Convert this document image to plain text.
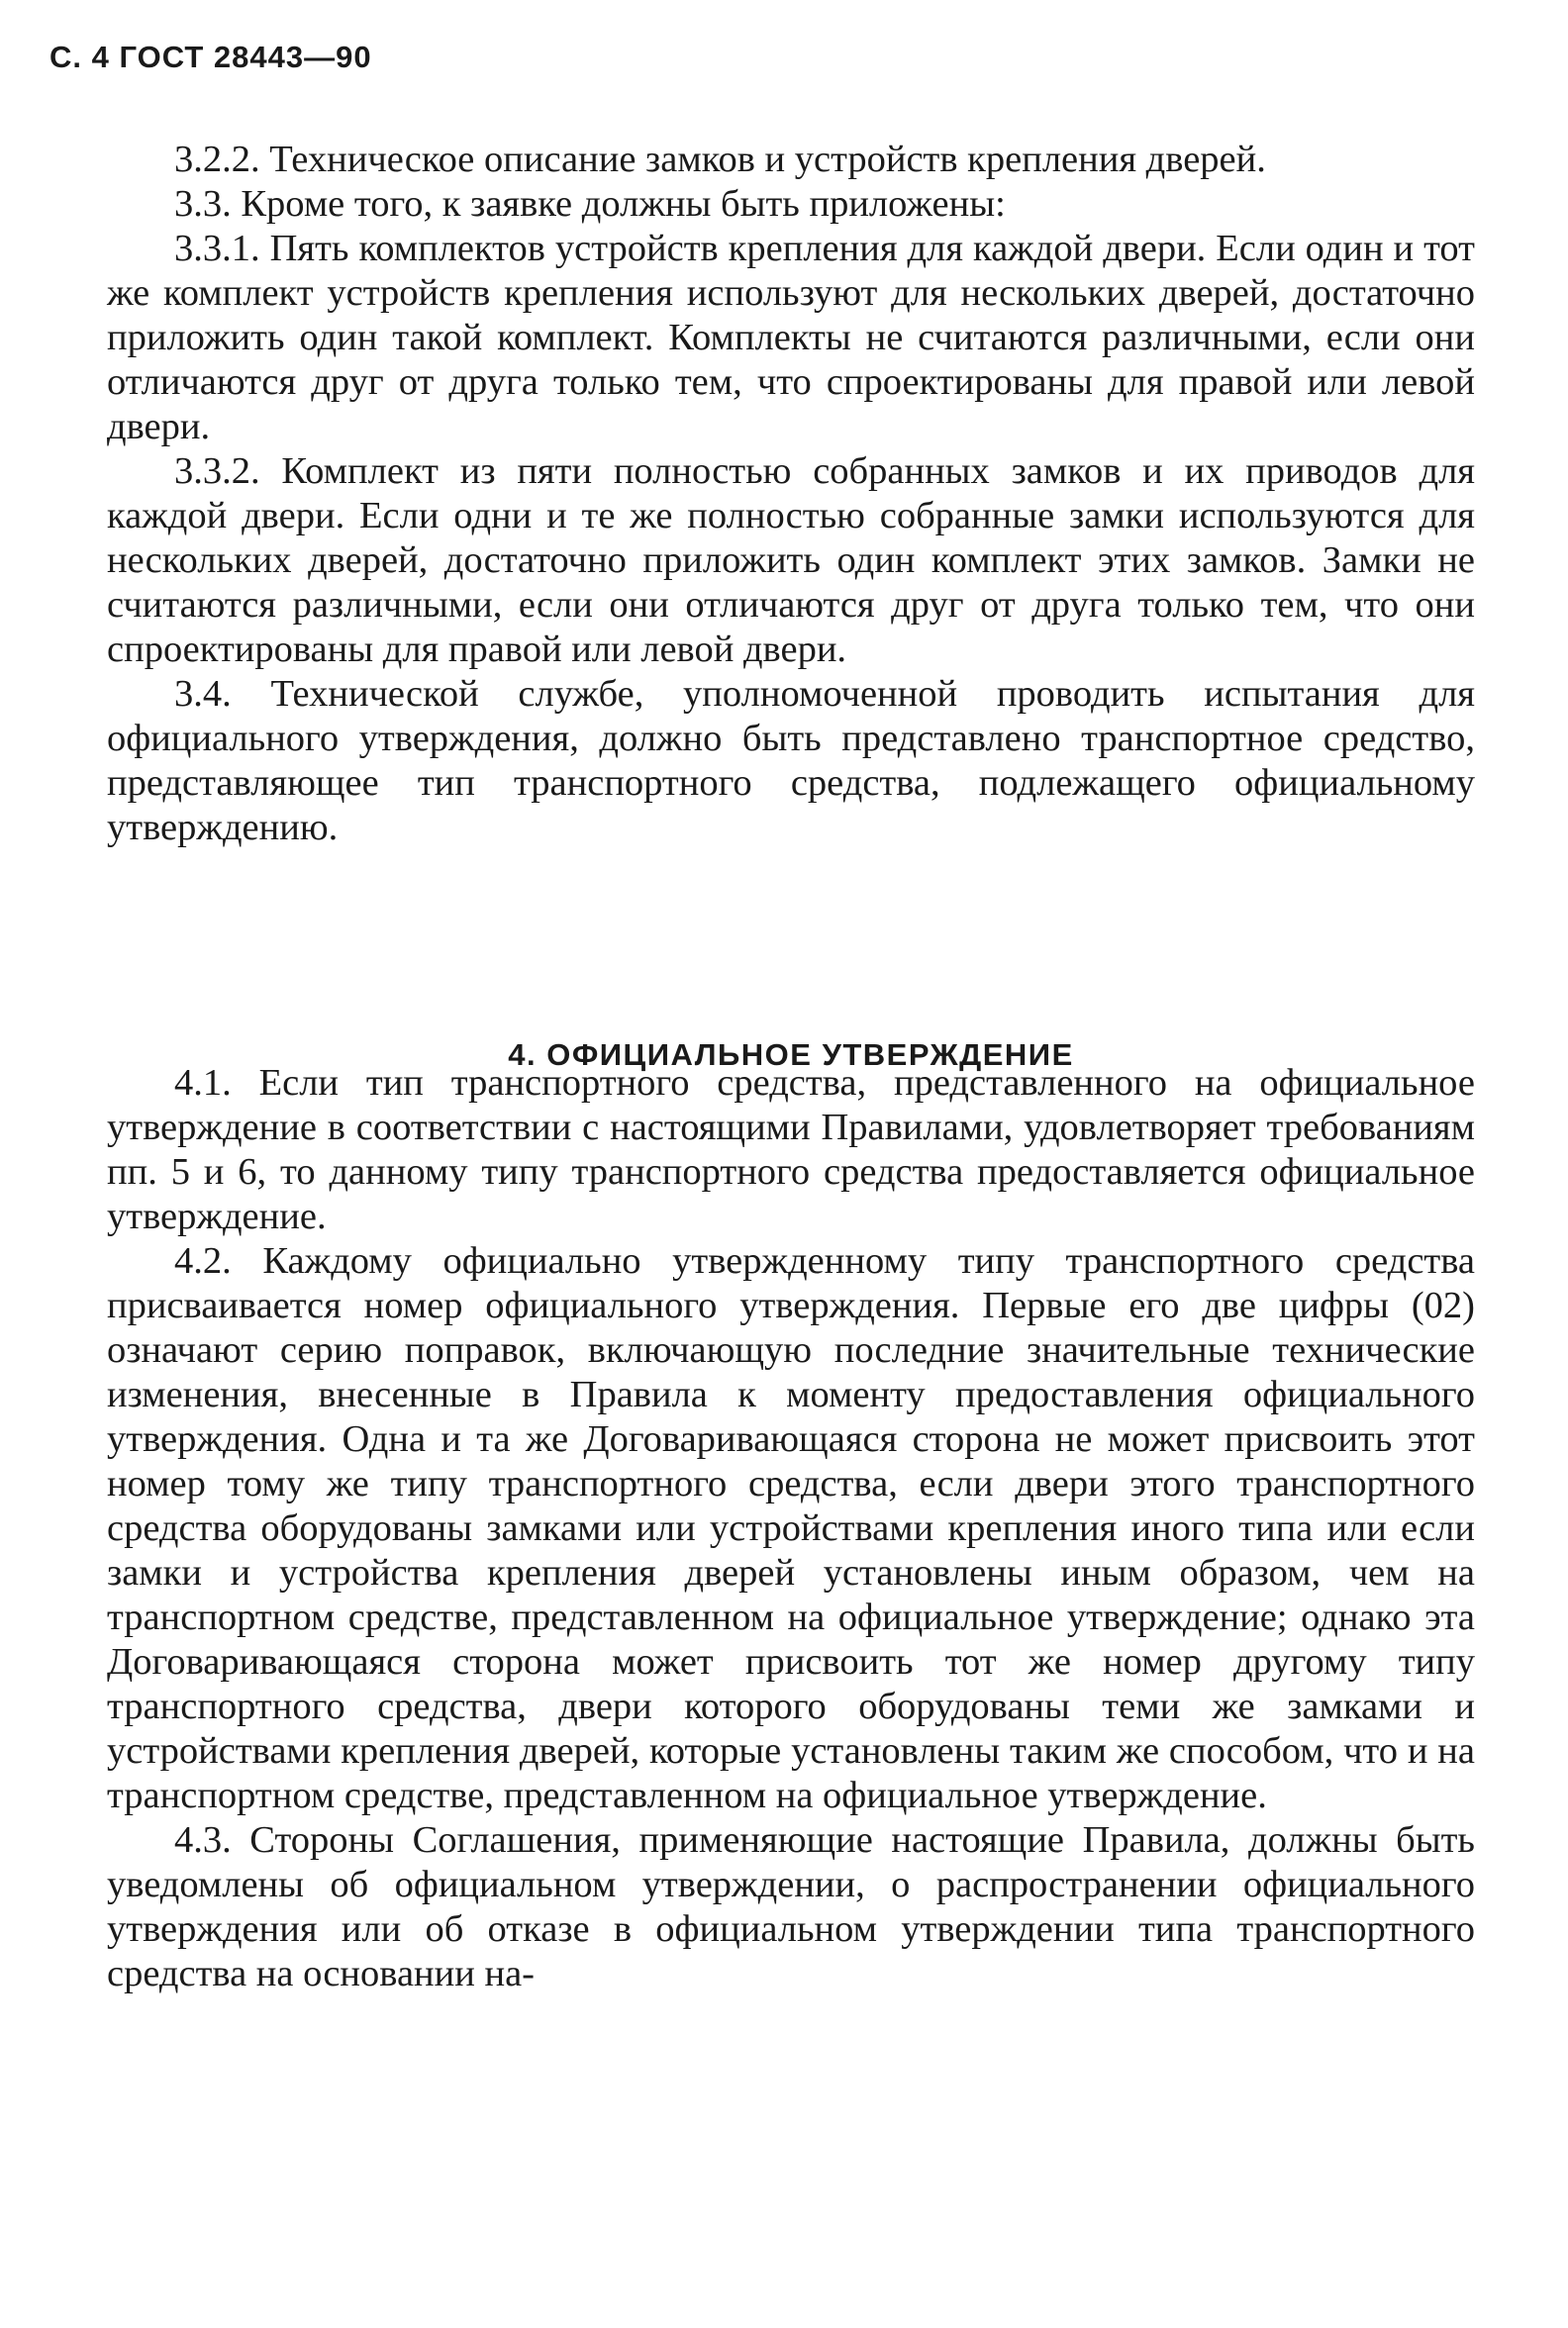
С. 4 ГОСТ 28443—90

3.2.2. Техническое описание замков и устройств крепления дверей.

3.3. Кроме того, к заявке должны быть приложены:

3.3.1. Пять комплектов устройств крепления для каждой двери. Если один и тот же комплект устройств крепления используют для нескольких дверей, достаточно приложить один такой комплект. Комплекты не считаются различными, если они отличаются друг от друга только тем, что спроектированы для правой или левой двери.

3.3.2. Комплект из пяти полностью собранных замков и их приводов для каждой двери. Если одни и те же полностью собранные замки используются для нескольких дверей, достаточно приложить один комплект этих замков. Замки не считаются различными, если они отличаются друг от друга только тем, что они спроектированы для правой или левой двери.

3.4. Технической службе, уполномоченной проводить испытания для официального утверждения, должно быть представлено транспортное средство, представляющее тип транспортного средства, подлежащего официальному утверждению.

4. ОФИЦИАЛЬНОЕ УТВЕРЖДЕНИЕ

4.1. Если тип транспортного средства, представленного на официальное утверждение в соответствии с настоящими Правилами, удовлетворяет требованиям пп. 5 и 6, то данному типу транспортного средства предоставляется официальное утверждение.

4.2. Каждому официально утвержденному типу транспортного средства присваивается номер официального утверждения. Первые его две цифры (02) означают серию поправок, включающую последние значительные технические изменения, внесенные в Правила к моменту предоставления официального утверждения. Одна и та же Договаривающаяся сторона не может присвоить этот номер тому же типу транспортного средства, если двери этого транспортного средства оборудованы замками или устройствами крепления иного типа или если замки и устройства крепления дверей установлены иным образом, чем на транспортном средстве, представленном на официальное утверждение; однако эта Договаривающаяся сторона может присвоить тот же номер другому типу транспортного средства, двери которого оборудованы теми же замками и устройствами крепления дверей, которые установлены таким же способом, что и на транспортном средстве, представленном на официальное утверждение.

4.3. Стороны Соглашения, применяющие настоящие Правила, должны быть уведомлены об официальном утверждении, о распространении официального утверждения или об отказе в официальном утверждении типа транспортного средства на основании на-
